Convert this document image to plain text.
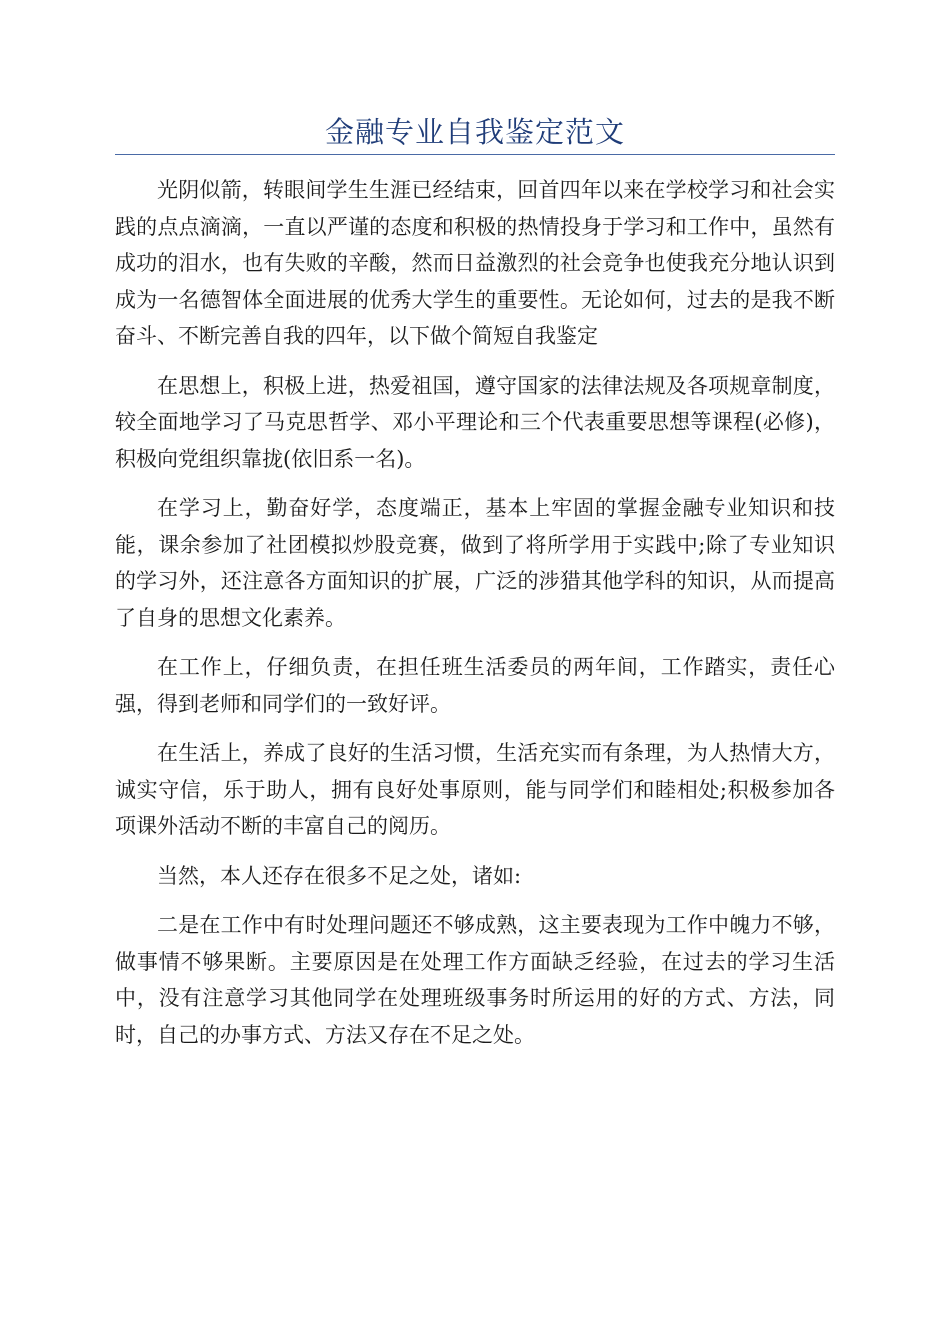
金融专业自我鉴定范文

光阴似箭，转眼间学生生涯已经结束，回首四年以来在学校学习和社会实践的点点滴滴，一直以严谨的态度和积极的热情投身于学习和工作中，虽然有成功的泪水，也有失败的辛酸，然而日益激烈的社会竞争也使我充分地认识到成为一名德智体全面进展的优秀大学生的重要性。无论如何，过去的是我不断奋斗、不断完善自我的四年，以下做个简短自我鉴定

在思想上，积极上进，热爱祖国，遵守国家的法律法规及各项规章制度，较全面地学习了马克思哲学、邓小平理论和三个代表重要思想等课程(必修)，积极向党组织靠拢(依旧系一名)。

在学习上，勤奋好学，态度端正，基本上牢固的掌握金融专业知识和技能，课余参加了社团模拟炒股竞赛，做到了将所学用于实践中;除了专业知识的学习外，还注意各方面知识的扩展，广泛的涉猎其他学科的知识，从而提高了自身的思想文化素养。

在工作上，仔细负责，在担任班生活委员的两年间，工作踏实，责任心强，得到老师和同学们的一致好评。

在生活上，养成了良好的生活习惯，生活充实而有条理，为人热情大方，诚实守信，乐于助人，拥有良好处事原则，能与同学们和睦相处;积极参加各项课外活动不断的丰富自己的阅历。

当然，本人还存在很多不足之处，诸如:

二是在工作中有时处理问题还不够成熟，这主要表现为工作中魄力不够，做事情不够果断。主要原因是在处理工作方面缺乏经验，在过去的学习生活中，没有注意学习其他同学在处理班级事务时所运用的好的方式、方法，同时，自己的办事方式、方法又存在不足之处。
